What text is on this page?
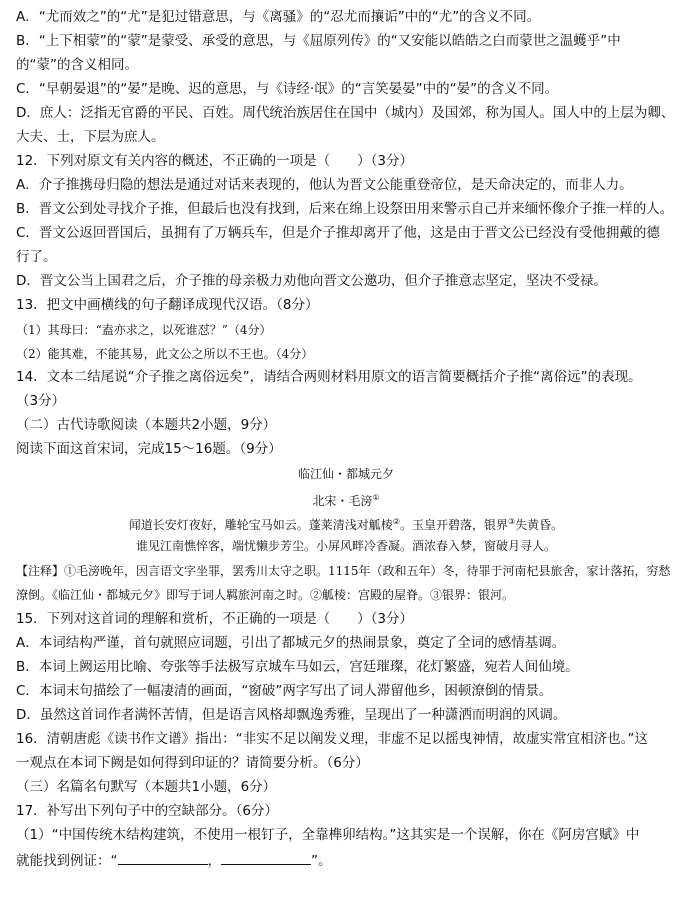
A．“尤而效之”的“尤”是犯过错意思，与《离骚》的“忍尤而攘诟”中的“尤”的含义不同。
B．“上下相蒙”的“蒙”是蒙受、承受的意思，与《屈原列传》的“又安能以皓皓之白而蒙世之温蠖乎”中
的“蒙”的含义相同。
C．“早朝晏退”的“晏”是晚、迟的意思，与《诗经·氓》的“言笑晏晏”中的“晏”的含义不同。
D．庶人：泛指无官爵的平民、百姓。周代统治族居住在国中（城内）及国郊，称为国人。国人中的上层为卿、
大夫、士，下层为庶人。
12．下列对原文有关内容的概述，不正确的一项是（　　）（3分）
A．介子推携母归隐的想法是通过对话来表现的，他认为晋文公能重登帝位，是天命决定的，而非人力。
B．晋文公到处寻找介子推，但最后也没有找到，后来在绵上设祭田用来警示自己并来缅怀像介子推一样的人。
C．晋文公返回晋国后，虽拥有了万辆兵车，但是介子推却离开了他，这是由于晋文公已经没有受他拥戴的德
行了。
D．晋文公当上国君之后，介子推的母亲极力劝他向晋文公邀功，但介子推意志坚定，坚决不受禄。
13．把文中画横线的句子翻译成现代汉语。（8分）
（1）其母曰：“盍亦求之，以死谁怼？”（4分）
（2）能其难，不能其易，此文公之所以不王也。（4分）
14．文本二结尾说“介子推之离俗远矣”，请结合两则材料用原文的语言简要概括介子推“离俗远”的表现。
（3分）
（二）古代诗歌阅读（本题共2小题，9分）
阅读下面这首宋词，完成15～16题。（9分）
临江仙・都城元夕
北宋・毛滂①
闻道长安灯夜好，雕轮宝马如云。蓬莱清浅对觚棱②。玉皇开碧落，银界③失黄昏。
谁见江南憔悴客，端忧懒步芳尘。小屏风畔冷香凝。酒浓春入梦，窗破月寻人。
【注释】①毛滂晚年，因言语文字坐罪，罢秀川太守之职。1115年（政和五年）冬，待罪于河南杞县旅舍，家计落拓，穷愁潦倒。《临江仙・都城元夕》即写于词人羁旅河南之时。②觚棱：宫殿的屋脊。③银界：银河。
15．下列对这首词的理解和赏析，不正确的一项是（　　）（3分）
A．本词结构严谨，首句就照应词题，引出了都城元夕的热闹景象，奠定了全词的感情基调。
B．本词上阙运用比喻、夸张等手法极写京城车马如云，宫廷璀璨，花灯繁盛，宛若人间仙境。
C．本词末句描绘了一幅凄清的画面，“窗破”两字写出了词人滞留他乡，困顿潦倒的情景。
D．虽然这首词作者满怀苦情，但是语言风格却飘逸秀雅，呈现出了一种潇洒而明润的风调。
16．清朝唐彪《读书作文谱》指出：“非实不足以阐发义理，非虚不足以摇曳神情，故虚实常宜相济也。”这
一观点在本词下阙是如何得到印证的？请简要分析。（6分）
（三）名篇名句默写（本题共1小题，6分）
17．补写出下列句子中的空缺部分。（6分）
（1）“中国传统木结构建筑，不使用一根钉子，全靠榫卯结构。”这其实是一个误解，你在《阿房宫赋》中
就能找到例证：“	，	”。
